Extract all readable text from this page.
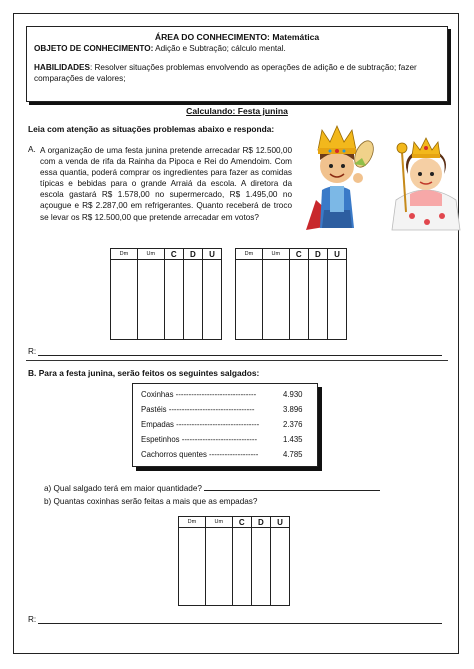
ÁREA DO CONHECIMENTO: Matemática
OBJETO DE CONHECIMENTO: Adição e Subtração; cálculo mental.
HABILIDADES: Resolver situações problemas envolvendo as operações de adição e de subtração; fazer comparações de valores;
Calculando: Festa junina
Leia com atenção as situações problemas abaixo e responda:
A. A organização de uma festa junina pretende arrecadar R$ 12.500,00 com a venda de rifa da Rainha da Pipoca e Rei do Amendoim. Com essa quantia, poderá comprar os ingredientes para fazer as comidas típicas e bebidas para o grande Arraiá da escola. A diretora da escola gastará R$ 1.578,00 no supermercado, R$ 1.495,00 no açougue e R$ 2.287,00 em refrigerantes. Quanto receberá de troco se levar os R$ 12.500,00 que pretende arrecadar em votos?
Dm	Um	C	D	U
					Dm	Um	C	D	U

R:
B. Para a festa junina, serão feitos os seguintes salgados:
Coxinhas -------------------------------	4.930
Pastéis ---------------------------------	3.896
Empadas --------------------------------	2.376
Espetinhos -----------------------------	1.435
Cachorros quentes -------------------	4.785
a) Qual salgado terá em maior quantidade?
b) Quantas coxinhas serão feitas a mais que as empadas?
Dm	Um	C	D	U

R:
